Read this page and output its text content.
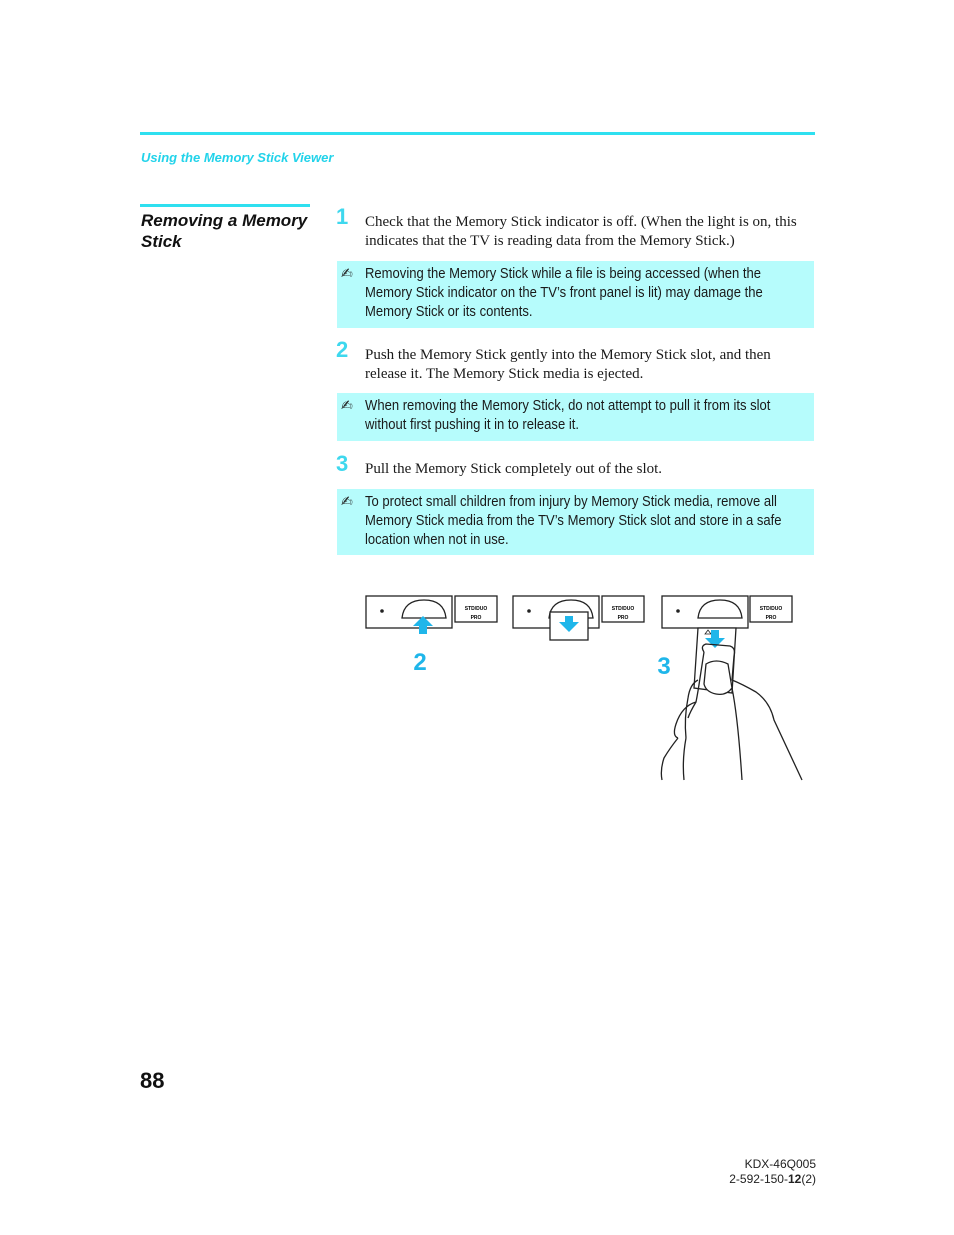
Using the Memory Stick Viewer
Removing a Memory Stick
1 Check that the Memory Stick indicator is off. (When the light is on, this indicates that the TV is reading data from the Memory Stick.)
✍ Removing the Memory Stick while a file is being accessed (when the Memory Stick indicator on the TV’s front panel is lit) may damage the Memory Stick or its contents.
2 Push the Memory Stick gently into the Memory Stick slot, and then release it. The Memory Stick media is ejected.
✍ When removing the Memory Stick, do not attempt to pull it from its slot without first pushing it in to release it.
3 Pull the Memory Stick completely out of the slot.
✍ To protect small children from injury by Memory Stick media, remove all Memory Stick media from the TV’s Memory Stick slot and store in a safe location when not in use.
STD/DUO
PRO
2
STD/DUO
PRO
STD/DUO
PRO
3
88
KDX-46Q005
2-592-150-12(2)
